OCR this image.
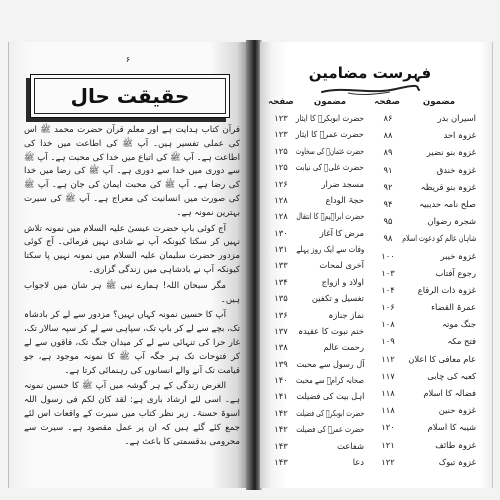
۶
حقیقت حال

قرآن کتاب ہدایت ہے اور معلم قرآن حضرت محمد ﷺ اس کی عملی تفسیر ہیں۔ آپ ﷺ کی اطاعت میں خدا کی اطاعت ہے۔ آپ ﷺ کی اتباع میں خدا کی محبت ہے۔ آپ ﷺ سے دوری میں خدا سے دوری ہے۔ آپ ﷺ کی رضا میں خدا کی رضا ہے۔ آپ ﷺ کی محبت ایمان کی جان ہے۔ آپ ﷺ کی صورت میں انسانیت کی معراج ہے۔ آپ ﷺ کی سیرت بہترین نمونہ ہے۔

آج کوئی باپ حضرت عیسیٰ علیہ السلام میں نمونہ تلاش نہیں کر سکتا کیونکہ آپ نے شادی نہیں فرمائی۔ آج کوئی مزدور حضرت سلیمان علیہ السلام میں نمونہ نہیں پا سکتا کیونکہ آپ نے بادشاہی میں زندگی گزاری۔

مگر سبحان اللہ! ہمارے نبی ﷺ ہر شان میں لاجواب ہیں۔

آپ کا حسین نمونہ کہاں نہیں؟ مزدور سے لے کر بادشاہ تک، بچے سے لے کر باپ تک، سپاہی سے لے کر سپہ سالار تک، غار حرا کی تنہائی سے لے کر میدان جنگ تک، فاقوں سے لے کر فتوحات تک ہر جگہ آپ ﷺ کا نمونہ موجود ہے، جو قیامت تک آنے والے انسانوں کی رہنمائی کرتا ہے۔

الغرض زندگی کے ہر گوشہ میں آپ ﷺ کا حسین نمونہ ہے۔ اسی لئے ارشاد باری ہے: لقد کان لکم فی رسول اللہ اسوۃ حسنۃ۔ زیر نظر کتاب میں سیرت کے واقعات اس لئے جمع کئے گئے ہیں کہ ان پر عمل مقصود ہے۔ سیرت سے محرومی بدقسمتی کا باعث ہے۔

فہرست مضامین
مضمون
صفحہ
مضمون
صفحہ
اسیران بدر
۸۶
غزوہ احد
۸۸
غزوہ بنو نضیر
۸۹
غزوہ خندق
۹۱
غزوہ بنو قریظہ
۹۲
صلح نامہ حدیبیہ
۹۴
شجرہ رضوان
۹۵
شاہان عالم کو دعوت اسلام
۹۸
غزوہ خیبر
۱۰۰
رجوع آفتاب
۱۰۳
غزوہ ذات الرقاع
۱۰۴
عمرۃ القضاء
۱۰۶
جنگ موتہ
۱۰۸
فتح مکہ
۱۰۹
عام معافی کا اعلان
۱۱۲
کعبہ کی چابی
۱۱۷
فضالہ کا اسلام
۱۱۸
غزوہ حنین
۱۱۸
شیبہ کا اسلام
۱۲۰
غزوہ طائف
۱۲۱
غزوہ تبوک
۱۲۲
حضرت ابوبکرؓ کا ایثار
۱۲۳
حضرت عمرؓ کا ایثار
۱۲۳
حضرت عثمانؓ کی سخاوت
۱۲۵
حضرت علیؓ کی نیابت
۱۲۵
مسجد ضرار
۱۲۶
حجۃ الوداع
۱۲۸
حضرت ابراہیمؓ کا انتقال
۱۲۸
مرض کا آغاز
۱۳۰
وفات سے ایک روز پہلے
۱۳۱
آخری لمحات
۱۳۳
اولاد و ازواج
۱۳۴
تغسیل و تکفین
۱۳۵
نماز جنازہ
۱۳۶
ختم نبوت کا عقیدہ
۱۳۷
رحمت عالم
۱۳۸
آل رسول سے محبت
۱۳۹
صحابہ کرامؓ سے محبت
۱۴۰
اہل بیت کی فضیلت
۱۴۱
حضرت ابوبکرؓ کی فضیلت
۱۴۲
حضرت عمرؓ کی فضیلت
۱۴۲
شفاعت
۱۴۳
دعا
۱۴۳
